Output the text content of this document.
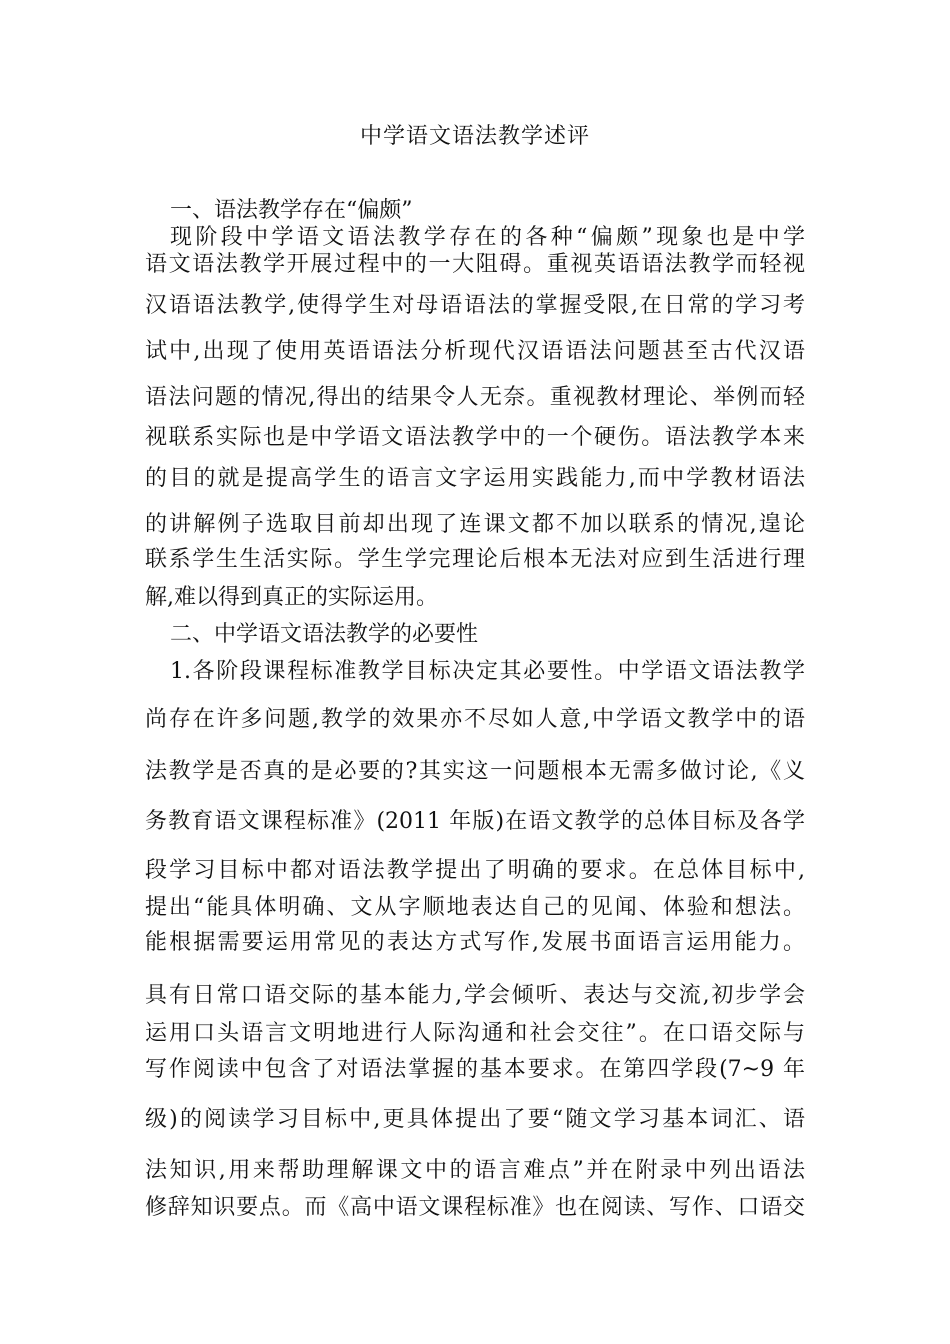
中学语文语法教学述评
一、语法教学存在“偏颇”
现阶段中学语文语法教学存在的各种“偏颇”现象也是中学
语文语法教学开展过程中的一大阻碍。重视英语语法教学而轻视
汉语语法教学,使得学生对母语语法的掌握受限,在日常的学习考
试中,出现了使用英语语法分析现代汉语语法问题甚至古代汉语
语法问题的情况,得出的结果令人无奈。重视教材理论、举例而轻
视联系实际也是中学语文语法教学中的一个硬伤。语法教学本来
的目的就是提高学生的语言文字运用实践能力,而中学教材语法
的讲解例子选取目前却出现了连课文都不加以联系的情况,遑论
联系学生生活实际。学生学完理论后根本无法对应到生活进行理
解,难以得到真正的实际运用。
二、中学语文语法教学的必要性
1.各阶段课程标准教学目标决定其必要性。中学语文语法教学
尚存在许多问题,教学的效果亦不尽如人意,中学语文教学中的语
法教学是否真的是必要的?其实这一问题根本无需多做讨论,《义
务教育语文课程标准》(2011 年版)在语文教学的总体目标及各学
段学习目标中都对语法教学提出了明确的要求。在总体目标中,
提出“能具体明确、文从字顺地表达自己的见闻、体验和想法。
能根据需要运用常见的表达方式写作,发展书面语言运用能力。
具有日常口语交际的基本能力,学会倾听、表达与交流,初步学会
运用口头语言文明地进行人际沟通和社会交往”。在口语交际与
写作阅读中包含了对语法掌握的基本要求。在第四学段(7~9 年
级)的阅读学习目标中,更具体提出了要“随文学习基本词汇、语
法知识,用来帮助理解课文中的语言难点”并在附录中列出语法
修辞知识要点。而《高中语文课程标准》也在阅读、写作、口语交
